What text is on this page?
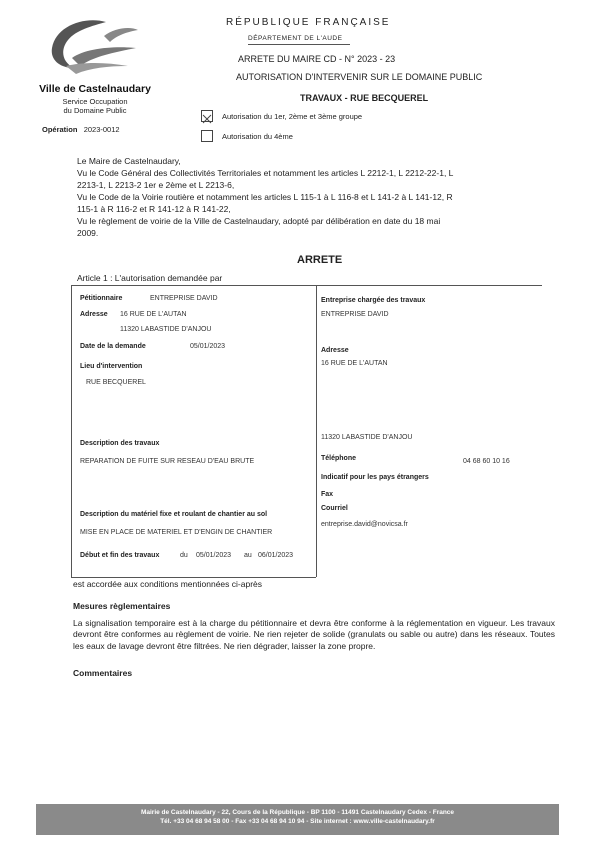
Ville de Castelnaudary
Service Occupation
du Domaine Public
Opération 2023-0012
RÉPUBLIQUE FRANÇAISE
DÉPARTEMENT DE L'AUDE
ARRETE DU MAIRE CD - N° 2023 - 23
AUTORISATION D'INTERVENIR SUR LE DOMAINE PUBLIC
TRAVAUX - RUE BECQUEREL
Autorisation du 1er, 2ème et 3ème groupe
Autorisation du 4ème
Le Maire de Castelnaudary,
Vu le Code Général des Collectivités Territoriales et notamment les articles L 2212-1, L 2212-22-1, L
2213-1, L 2213-2 1er e 2ème et L 2213-6,
Vu le Code de la Voirie routière et notamment les articles L 115-1 à L 116-8 et L 141-2 à L 141-12, R
115-1 à R 116-2 et R 141-12 à R 141-22,
Vu le règlement de voirie de la Ville de Castelnaudary, adopté par délibération en date du 18 mai
2009.
ARRETE
Article 1 : L'autorisation demandée par
Pétitionnaire	ENTREPRISE DAVID
Adresse 16 RUE DE L'AUTAN
11320 LABASTIDE D'ANJOU
Date de la demande	05/01/2023
Lieu d'intervention
RUE BECQUEREL
Description des travaux
REPARATION DE FUITE SUR RESEAU D'EAU BRUTE
Description du matériel fixe et roulant de chantier au sol
MISE EN PLACE DE MATERIEL ET D'ENGIN DE CHANTIER
Début et fin des travaux	du 05/01/2023 au 06/01/2023
Entreprise chargée des travaux
ENTREPRISE DAVID
Adresse
16 RUE DE L'AUTAN
11320 LABASTIDE D'ANJOU
Téléphone	04 68 60 10 16
Indicatif pour les pays étrangers
Fax
Courriel
entreprise.david@novicsa.fr
est accordée aux conditions mentionnées ci-après
Mesures règlementaires
La signalisation temporaire est à la charge du pétitionnaire et devra être conforme à la réglementation en vigueur. Les travaux devront être conformes au règlement de voirie. Ne rien rejeter de solide (granulats ou sable ou autre) dans les réseaux. Toutes les eaux de lavage devront être filtrées. Ne rien dégrader, laisser la zone propre.
Commentaires
Mairie de Castelnaudary - 22, Cours de la République - BP 1100 - 11491 Castelnaudary Cedex - France
Tél. +33 04 68 94 58 00 - Fax +33 04 68 94 10 94 - Site internet : www.ville-castelnaudary.fr
